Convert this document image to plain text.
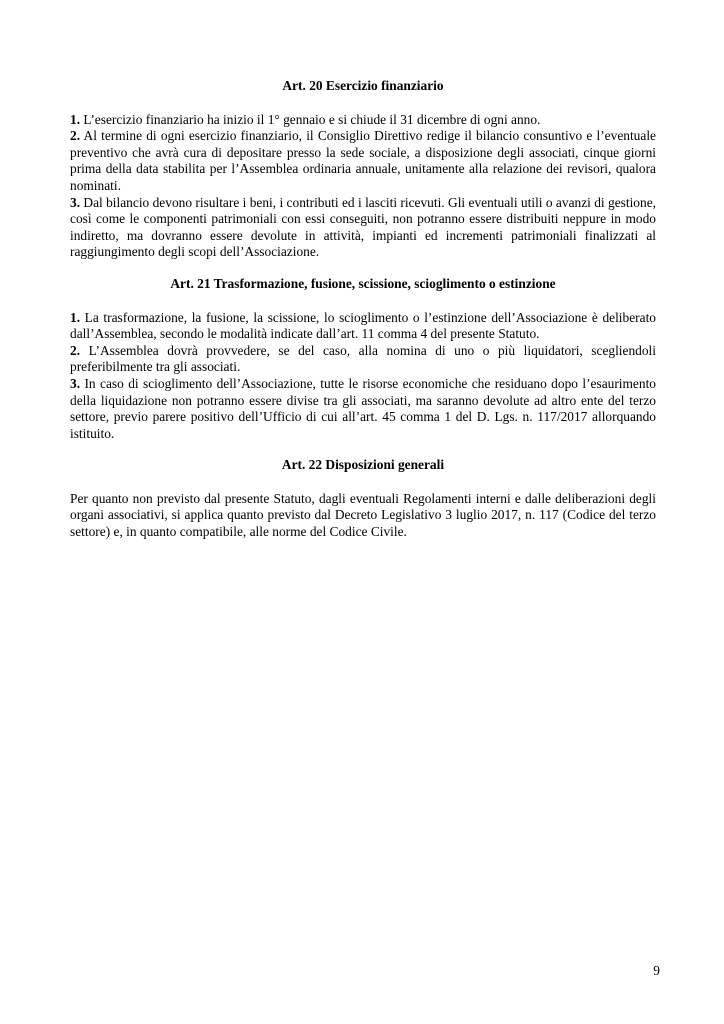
Art. 20 Esercizio finanziario

1. L’esercizio finanziario ha inizio il 1° gennaio e si chiude il 31 dicembre di ogni anno.

2. Al termine di ogni esercizio finanziario, il Consiglio Direttivo redige il bilancio consuntivo e l’eventuale preventivo che avrà cura di depositare presso la sede sociale, a disposizione degli associati, cinque giorni prima della data stabilita per l’Assemblea ordinaria annuale, unitamente alla relazione dei revisori, qualora nominati.

3. Dal bilancio devono risultare i beni, i contributi ed i lasciti ricevuti. Gli eventuali utili o avanzi di gestione, così come le componenti patrimoniali con essi conseguiti, non potranno essere distribuiti neppure in modo indiretto, ma dovranno essere devolute in attività, impianti ed incrementi patrimoniali finalizzati al raggiungimento degli scopi dell’Associazione.

Art. 21 Trasformazione, fusione, scissione, scioglimento o estinzione

1. La trasformazione, la fusione, la scissione, lo scioglimento o l’estinzione dell’Associazione è deliberato dall’Assemblea, secondo le modalità indicate dall’art. 11 comma 4 del presente Statuto.

2. L’Assemblea dovrà provvedere, se del caso, alla nomina di uno o più liquidatori, scegliendoli preferibilmente tra gli associati.

3. In caso di scioglimento dell’Associazione, tutte le risorse economiche che residuano dopo l’esaurimento della liquidazione non potranno essere divise tra gli associati, ma saranno devolute ad altro ente del terzo settore, previo parere positivo dell’Ufficio di cui all’art. 45 comma 1 del D. Lgs. n. 117/2017 allorquando istituito.

Art. 22 Disposizioni generali

Per quanto non previsto dal presente Statuto, dagli eventuali Regolamenti interni e dalle deliberazioni degli organi associativi, si applica quanto previsto dal Decreto Legislativo 3 luglio 2017, n. 117 (Codice del terzo settore) e, in quanto compatibile, alle norme del Codice Civile.

9
